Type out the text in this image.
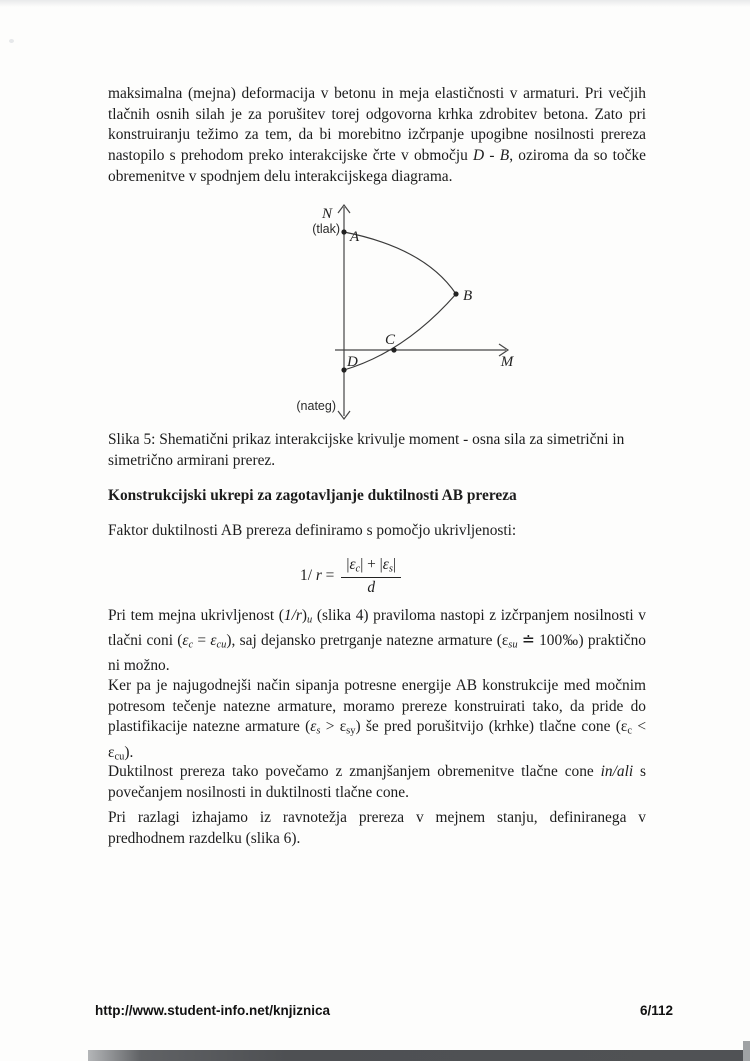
maksimalna (mejna) deformacija v betonu in meja elastičnosti v armaturi. Pri večjih tlačnih osnih silah je za porušitev torej odgovorna krhka zdrobitev betona. Zato pri konstruiranju težimo za tem, da bi morebitno izčrpanje upogibne nosilnosti prereza nastopilo s prehodom preko interakcijske črte v območju D - B, oziroma da so točke obremenitve v spodnjem delu interakcijskega diagrama.
N
(tlak)
(nateg)
M
A
B
C
D
Slika 5: Shematični prikaz interakcijske krivulje moment - osna sila za simetrični in simetrično armirani prerez.
Konstrukcijski ukrepi za zagotavljanje duktilnosti AB prereza
Faktor duktilnosti AB prereza definiramo s pomočjo ukrivljenosti:
1/ $r = \frac{|\varepsilon_c| + |\varepsilon_s|}{d}$
Pri tem mejna ukrivljenost $(1/r)_u$ (slika 4) praviloma nastopi z izčrpanjem nosilnosti v tlačni coni $(\varepsilon_c = \varepsilon_{cu})$, saj dejansko pretrganje natezne armature ($\varepsilon_{su}$ ≐ 100‰) praktično ni možno.
Ker pa je najugodnejši način sipanja potresne energije AB konstrukcije med močnim potresom tečenje natezne armature, moramo prereze konstruirati tako, da pride do plastifikacije natezne armature $(\varepsilon_s > \varepsilon_{sy})$ še pred porušitvijo (krhke) tlačne cone $(\varepsilon_c < \varepsilon_{cu})$.
Duktilnost prereza tako povečamo z zmanjšanjem obremenitve tlačne cone in/ali s povečanjem nosilnosti in duktilnosti tlačne cone.
Pri razlagi izhajamo iz ravnotežja prereza v mejnem stanju, definiranega v predhodnem razdelku (slika 6).
http://www.student-info.net/knjiznica	6/112
